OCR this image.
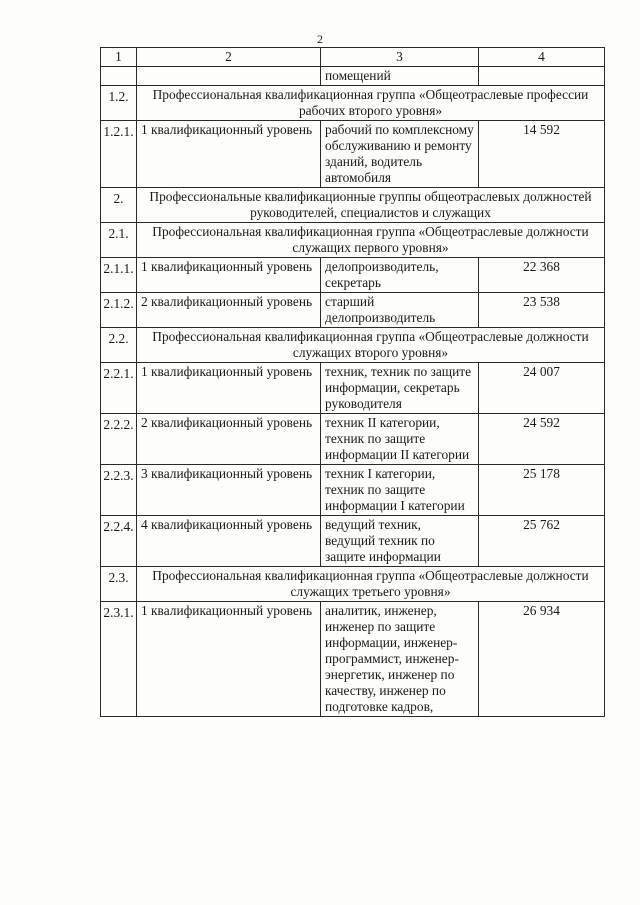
2
1	2	3	4
		помещений	
1.2.	Профессиональная квалификационная группа «Общеотраслевые профессии рабочих второго уровня»		
1.2.1.	1 квалификационный уровень	рабочий по комплексному обслуживанию и ремонту зданий, водитель автомобиля	14 592
2.	Профессиональные квалификационные группы общеотраслевых должностей руководителей, специалистов и служащих		
2.1.	Профессиональная квалификационная группа «Общеотраслевые должности служащих первого уровня»		
2.1.1.	1 квалификационный уровень	делопроизводитель, секретарь	22 368
2.1.2.	2 квалификационный уровень	старший делопроизводитель	23 538
2.2.	Профессиональная квалификационная группа «Общеотраслевые должности служащих второго уровня»		
2.2.1.	1 квалификационный уровень	техник, техник по защите информации, секретарь руководителя	24 007
2.2.2.	2 квалификационный уровень	техник II категории, техник по защите информации II категории	24 592
2.2.3.	3 квалификационный уровень	техник I категории, техник по защите информации I категории	25 178
2.2.4.	4 квалификационный уровень	ведущий техник, ведущий техник по защите информации	25 762
2.3.	Профессиональная квалификационная группа «Общеотраслевые должности служащих третьего уровня»		
2.3.1.	1 квалификационный уровень	аналитик, инженер, инженер по защите информации, инженер-программист, инженер-энергетик, инженер по качеству, инженер по подготовке кадров,	26 934
